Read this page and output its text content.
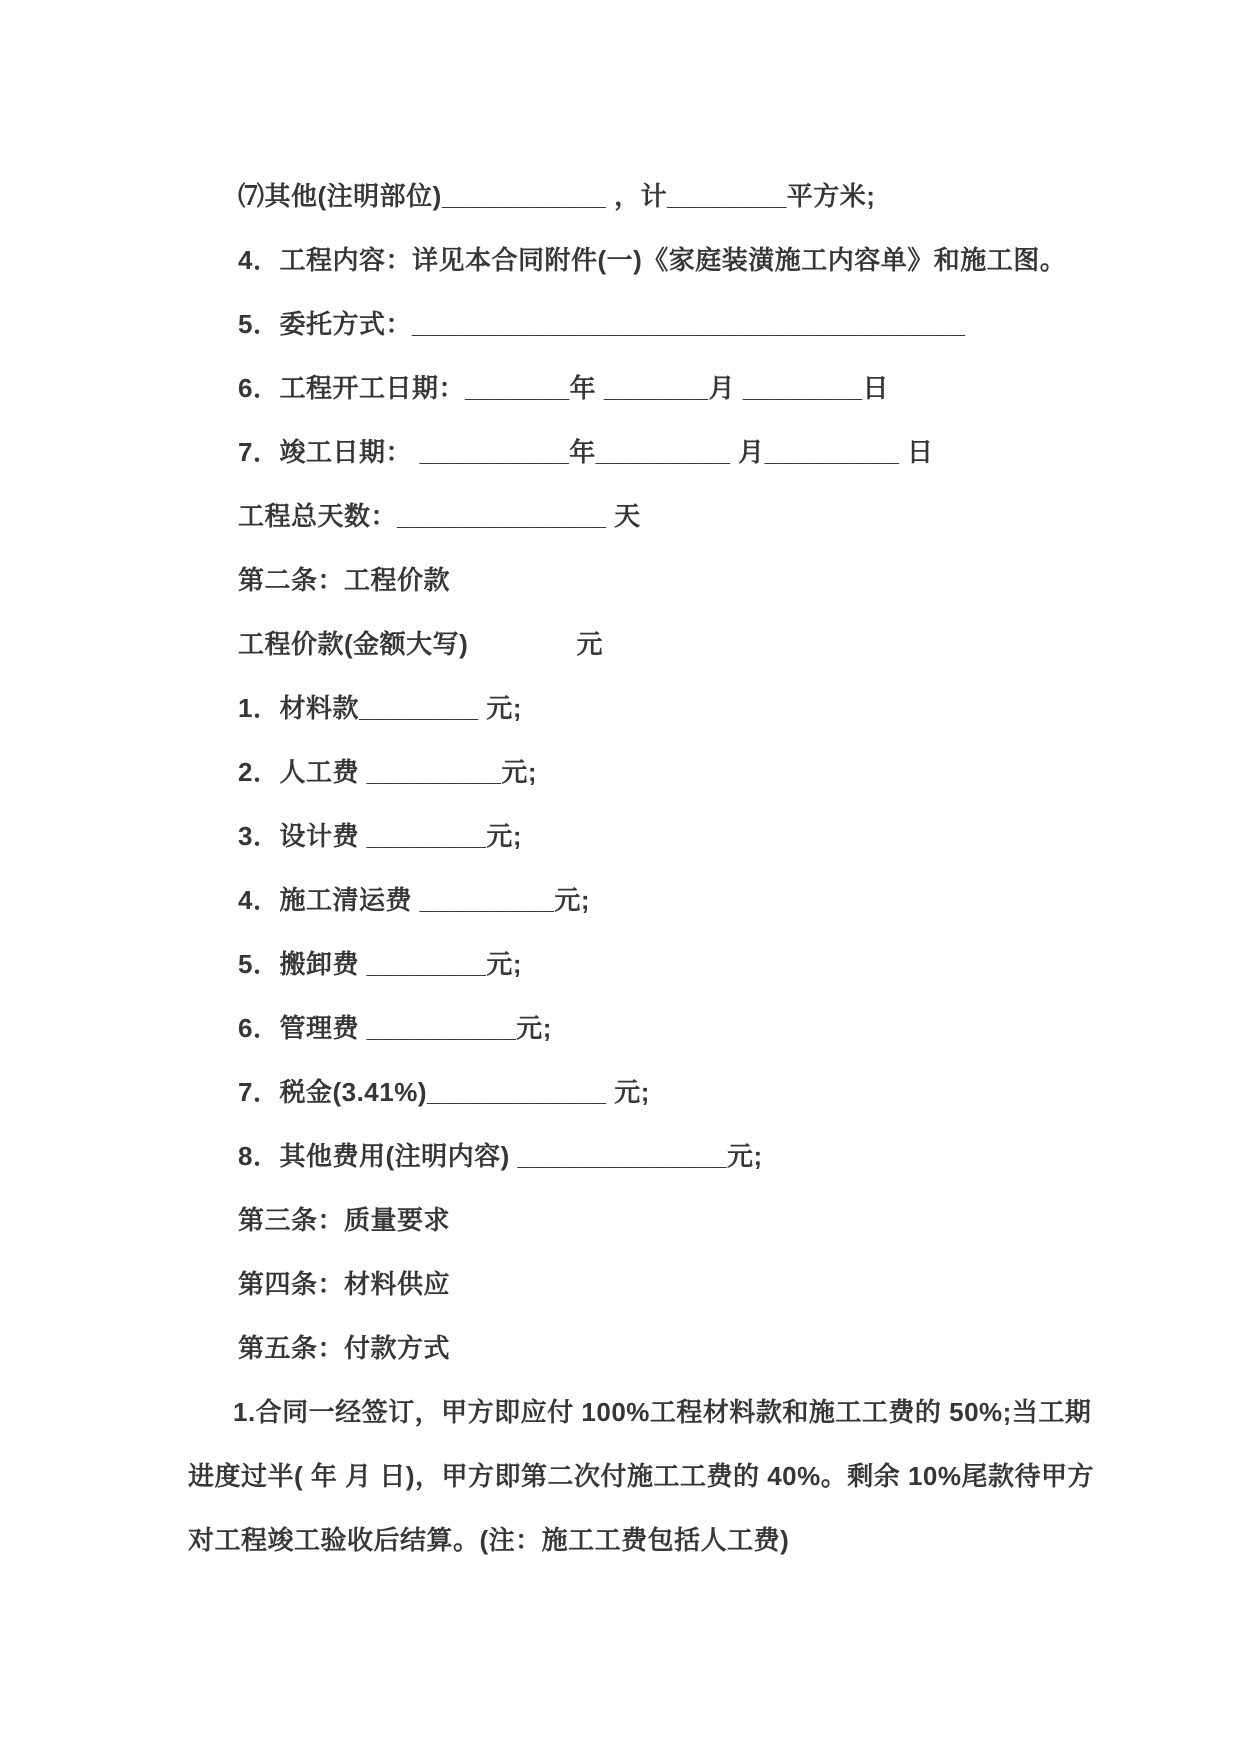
⑺其他(注明部位)___________ ，计________平方米;

4．工程内容：详见本合同附件(一)《家庭装潢施工内容单》和施工图。

5．委托方式：_____________________________________

6．工程开工日期：_______年 _______月 ________日

7．竣工日期： __________年_________ 月_________ 日

工程总天数：______________ 天

第二条：工程价款

工程价款(金额大写)              元

1．材料款________ 元;

2．人工费 _________元;

3．设计费 ________元;

4．施工清运费 _________元;

5．搬卸费 ________元;

6．管理费 __________元;

7．税金(3.41%)____________ 元;

8．其他费用(注明内容) ______________元;

第三条：质量要求

第四条：材料供应

第五条：付款方式

1.合同一经签订，甲方即应付 100%工程材料款和施工工费的 50%;当工期

进度过半( 年 月 日)，甲方即第二次付施工工费的 40%。剩余 10%尾款待甲方

对工程竣工验收后结算。(注：施工工费包括人工费)
